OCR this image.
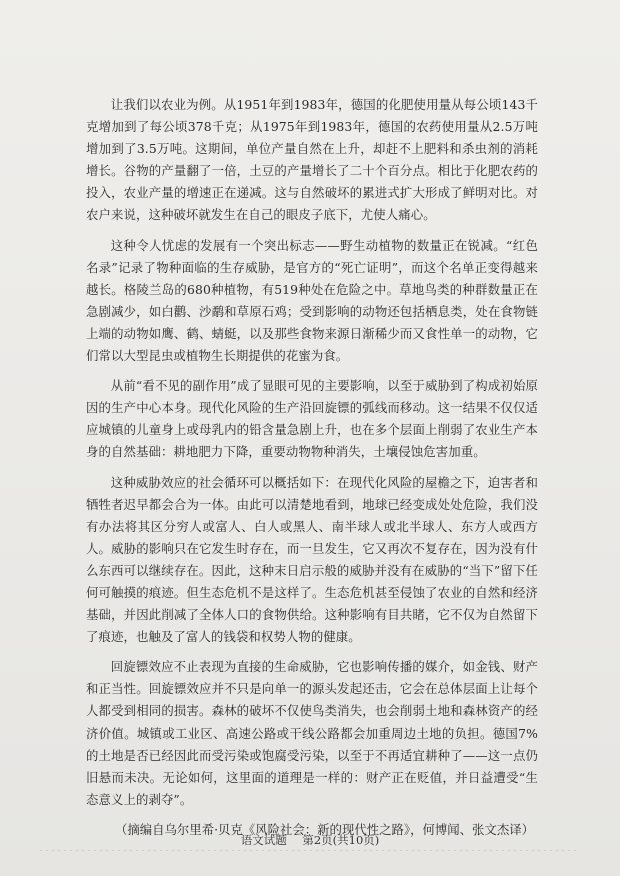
让我们以农业为例。从1951年到1983年，德国的化肥使用量从每公顷143千克增加到了每公顷378千克；从1975年到1983年，德国的农药使用量从2.5万吨增加到了3.5万吨。这期间，单位产量自然在上升，却赶不上肥料和杀虫剂的消耗增长。谷物的产量翻了一倍，土豆的产量增长了二十个百分点。相比于化肥农药的投入，农业产量的增速正在递减。这与自然破坏的累进式扩大形成了鲜明对比。对农户来说，这种破坏就发生在自己的眼皮子底下，尤使人痛心。

这种令人忧虑的发展有一个突出标志——野生动植物的数量正在锐减。“红色名录”记录了物种面临的生存威胁，是官方的“死亡证明”，而这个名单正变得越来越长。格陵兰岛的680种植物，有519种处在危险之中。草地鸟类的种群数量正在急剧减少，如白鹳、沙鹬和草原石鸡；受到影响的动物还包括栖息类，处在食物链上端的动物如鹰、鹤、蜻蜓，以及那些食物来源日渐稀少而又食性单一的动物，它们常以大型昆虫或植物生长期提供的花蜜为食。

从前“看不见的副作用”成了显眼可见的主要影响，以至于威胁到了构成初始原因的生产中心本身。现代化风险的生产沿回旋镖的弧线而移动。这一结果不仅仅适应城镇的儿童身上或母乳内的铅含量急剧上升，也在多个层面上削弱了农业生产本身的自然基础：耕地肥力下降，重要动物物种消失，土壤侵蚀危害加重。

这种威胁效应的社会循环可以概括如下：在现代化风险的屋檐之下，迫害者和牺牲者迟早都会合为一体。由此可以清楚地看到，地球已经变成处处危险，我们没有办法将其区分穷人或富人、白人或黑人、南半球人或北半球人、东方人或西方人。威胁的影响只在它发生时存在，而一旦发生，它又再次不复存在，因为没有什么东西可以继续存在。因此，这种末日启示般的威胁并没有在威胁的“当下”留下任何可触摸的痕迹。但生态危机不是这样了。生态危机甚至侵蚀了农业的自然和经济基础，并因此削减了全体人口的食物供给。这种影响有目共睹，它不仅为自然留下了痕迹，也触及了富人的钱袋和权势人物的健康。

回旋镖效应不止表现为直接的生命威胁，它也影响传播的媒介，如金钱、财产和正当性。回旋镖效应并不只是向单一的源头发起还击，它会在总体层面上让每个人都受到相同的损害。森林的破坏不仅使鸟类消失，也会削弱土地和森林资产的经济价值。城镇或工业区、高速公路或干线公路都会加重周边土地的负担。德国7%的土地是否已经因此而受污染或饱腐受污染，以至于不再适宜耕种了——这一点仍旧悬而未决。无论如何，这里面的道理是一样的：财产正在贬值，并日益遭受“生态意义上的剥夺”。

（摘编自乌尔里希·贝克《风险社会：新的现代性之路》，何博闻、张文杰译）

语文试题 第2页(共10页)
